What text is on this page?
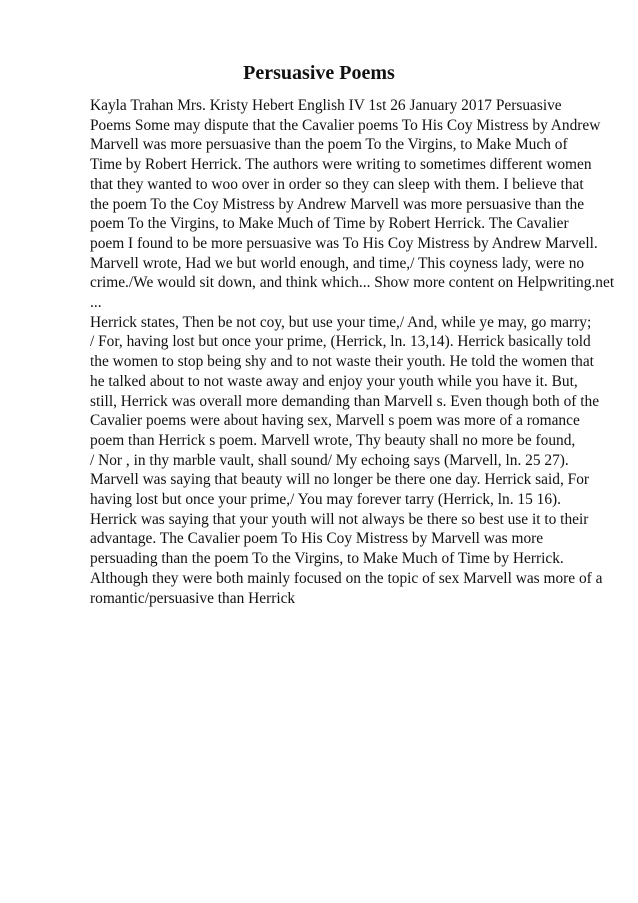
Persuasive Poems
Kayla Trahan Mrs. Kristy Hebert English IV 1st 26 January 2017 Persuasive
Poems Some may dispute that the Cavalier poems To His Coy Mistress by Andrew
Marvell was more persuasive than the poem To the Virgins, to Make Much of
Time by Robert Herrick. The authors were writing to sometimes different women
that they wanted to woo over in order so they can sleep with them. I believe that
the poem To the Coy Mistress by Andrew Marvell was more persuasive than the
poem To the Virgins, to Make Much of Time by Robert Herrick. The Cavalier
poem I found to be more persuasive was To His Coy Mistress by Andrew Marvell.
Marvell wrote, Had we but world enough, and time,/ This coyness lady, were no
crime./We would sit down, and think which... Show more content on Helpwriting.net
...
Herrick states, Then be not coy, but use your time,/ And, while ye may, go marry;
/ For, having lost but once your prime, (Herrick, ln. 13,14). Herrick basically told
the women to stop being shy and to not waste their youth. He told the women that
he talked about to not waste away and enjoy your youth while you have it. But,
still, Herrick was overall more demanding than Marvell s. Even though both of the
Cavalier poems were about having sex, Marvell s poem was more of a romance
poem than Herrick s poem. Marvell wrote, Thy beauty shall no more be found,
/ Nor , in thy marble vault, shall sound/ My echoing says (Marvell, ln. 25 27).
Marvell was saying that beauty will no longer be there one day. Herrick said, For
having lost but once your prime,/ You may forever tarry (Herrick, ln. 15 16).
Herrick was saying that your youth will not always be there so best use it to their
advantage. The Cavalier poem To His Coy Mistress by Marvell was more
persuading than the poem To the Virgins, to Make Much of Time by Herrick.
Although they were both mainly focused on the topic of sex Marvell was more of a
romantic/persuasive than Herrick
